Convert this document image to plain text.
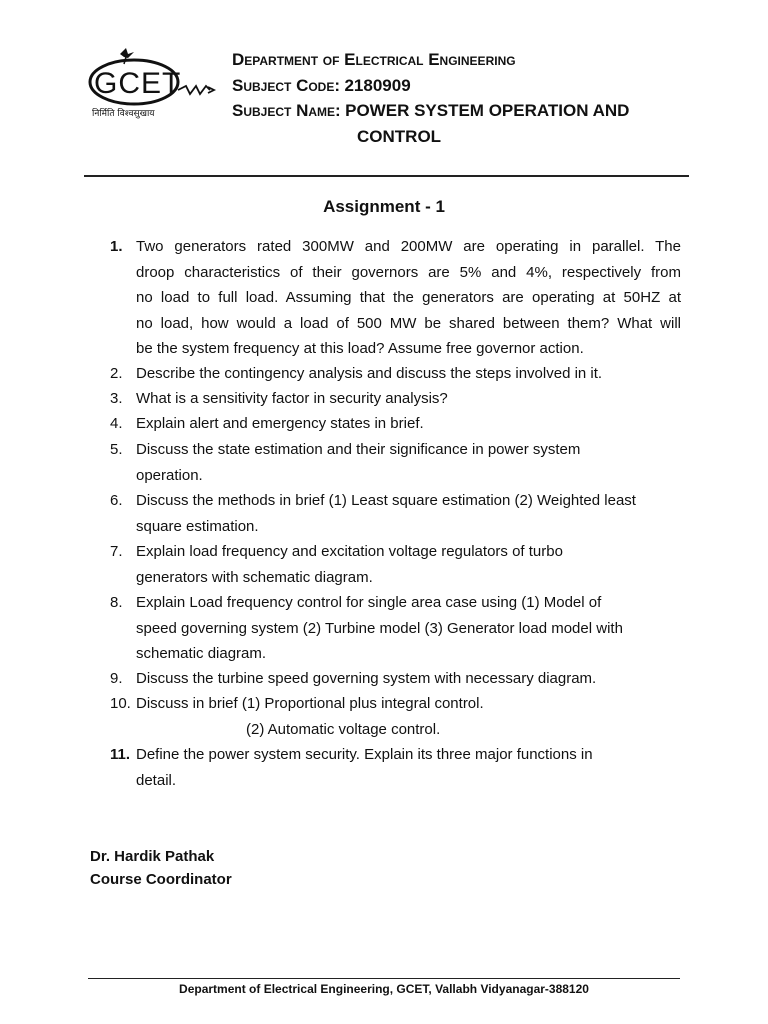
GCET
निर्मिति विश्वसुखाय
Department of Electrical Engineering
Subject Code: 2180909
Subject Name: POWER SYSTEM OPERATION AND
CONTROL
Assignment - 1
1. Two generators rated 300MW and 200MW are operating in parallel. The
droop characteristics of their governors are 5% and 4%, respectively from
no load to full load. Assuming that the generators are operating at 50HZ at
no load, how would a load of 500 MW be shared between them? What will
be the system frequency at this load? Assume free governor action.
2. Describe the contingency analysis and discuss the steps involved in it.
3. What is a sensitivity factor in security analysis?
4. Explain alert and emergency states in brief.
5. Discuss the state estimation and their significance in power system
operation.
6. Discuss the methods in brief (1) Least square estimation (2) Weighted least
square estimation.
7. Explain load frequency and excitation voltage regulators of turbo
generators with schematic diagram.
8. Explain Load frequency control for single area case using (1) Model of
speed governing system (2) Turbine model (3) Generator load model with
schematic diagram.
9. Discuss the turbine speed governing system with necessary diagram.
10. Discuss in brief (1) Proportional plus integral control.
(2) Automatic voltage control.
11. Define the power system security. Explain its three major functions in
detail.
Dr. Hardik Pathak
Course Coordinator
Department of Electrical Engineering, GCET, Vallabh Vidyanagar-388120
